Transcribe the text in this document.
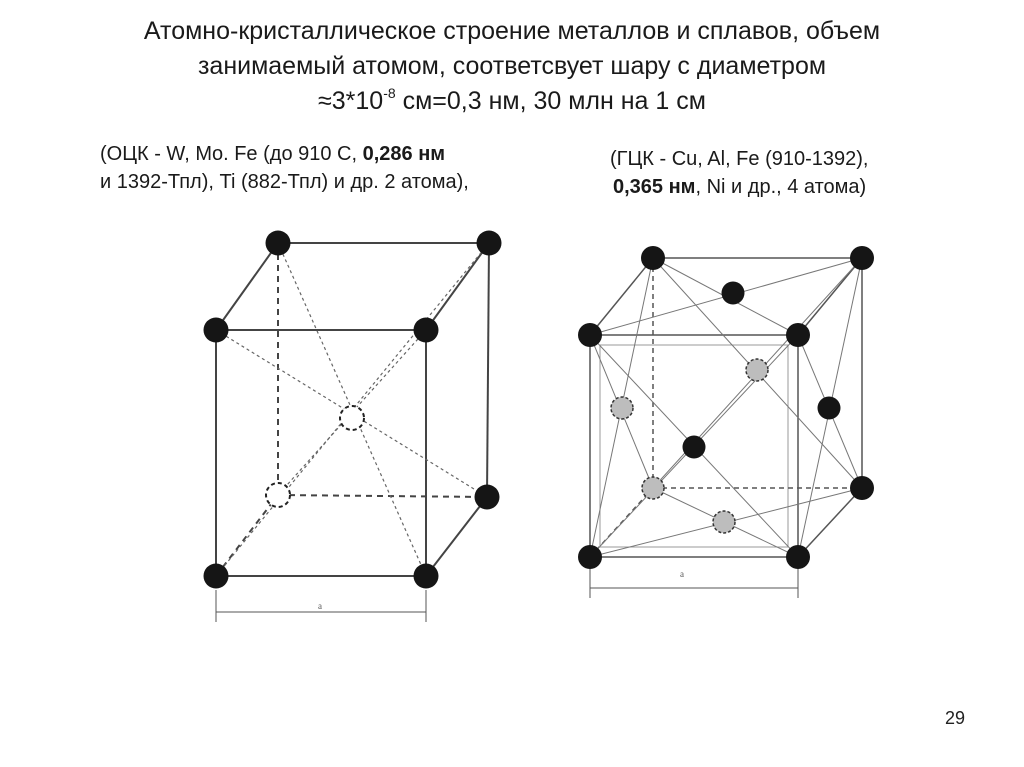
Атомно-кристаллическое строение металлов и сплавов, объем
занимаемый атомом, соответсвует шару с диаметром
$\approx 3*10^{-8}$ см=0,3 нм, 30 млн на 1 см
(ОЦК - W, Mo. Fe (до 910 С, 0,286 нм
и 1392-Тпл), Ti (882-Тпл) и др. 2 атома),
(ГЦК - Cu, Al, Fe (910-1392),
0,365 нм, Ni и др., 4 атома)
a
a
29
